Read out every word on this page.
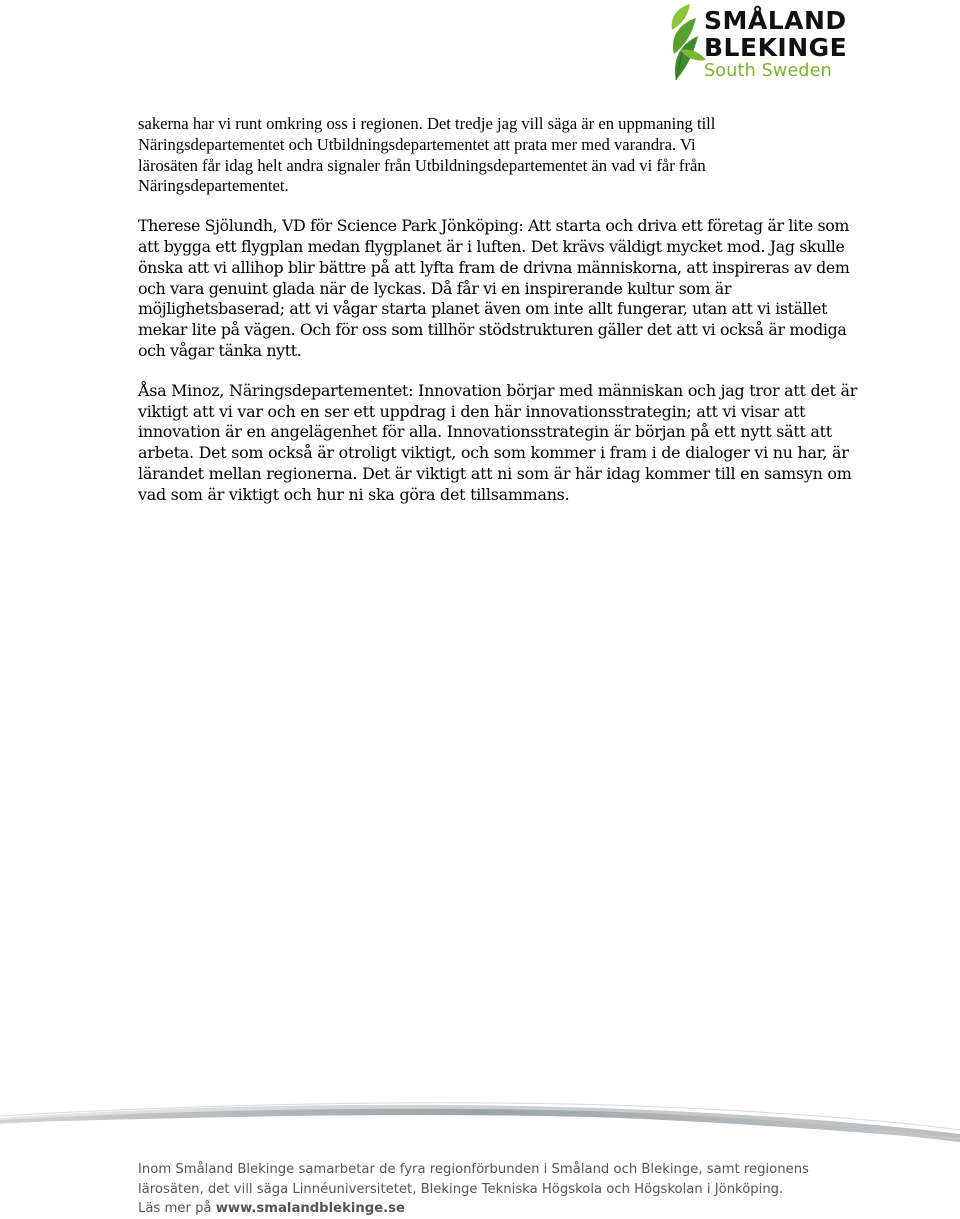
SMÅLAND
BLEKINGE
South Sweden
sakerna har vi runt omkring oss i regionen. Det tredje jag vill säga är en uppmaning till
Näringsdepartementet och Utbildningsdepartementet att prata mer med varandra. Vi
lärosäten får idag helt andra signaler från Utbildningsdepartementet än vad vi får från
Näringsdepartementet.
Therese Sjölundh, VD för Science Park Jönköping: Att starta och driva ett företag är lite som
att bygga ett flygplan medan flygplanet är i luften. Det krävs väldigt mycket mod. Jag skulle
önska att vi allihop blir bättre på att lyfta fram de drivna människorna, att inspireras av dem
och vara genuint glada när de lyckas. Då får vi en inspirerande kultur som är
möjlighetsbaserad; att vi vågar starta planet även om inte allt fungerar, utan att vi istället
mekar lite på vägen. Och för oss som tillhör stödstrukturen gäller det att vi också är modiga
och vågar tänka nytt.
Åsa Minoz, Näringsdepartementet: Innovation börjar med människan och jag tror att det är
viktigt att vi var och en ser ett uppdrag i den här innovationsstrategin; att vi visar att
innovation är en angelägenhet för alla. Innovationsstrategin är början på ett nytt sätt att
arbeta. Det som också är otroligt viktigt, och som kommer i fram i de dialoger vi nu har, är
lärandet mellan regionerna. Det är viktigt att ni som är här idag kommer till en samsyn om
vad som är viktigt och hur ni ska göra det tillsammans.
Inom Småland Blekinge samarbetar de fyra regionförbunden i Småland och Blekinge, samt regionens
lärosäten, det vill säga Linnéuniversitetet, Blekinge Tekniska Högskola och Högskolan i Jönköping.
Läs mer på www.smalandblekinge.se
